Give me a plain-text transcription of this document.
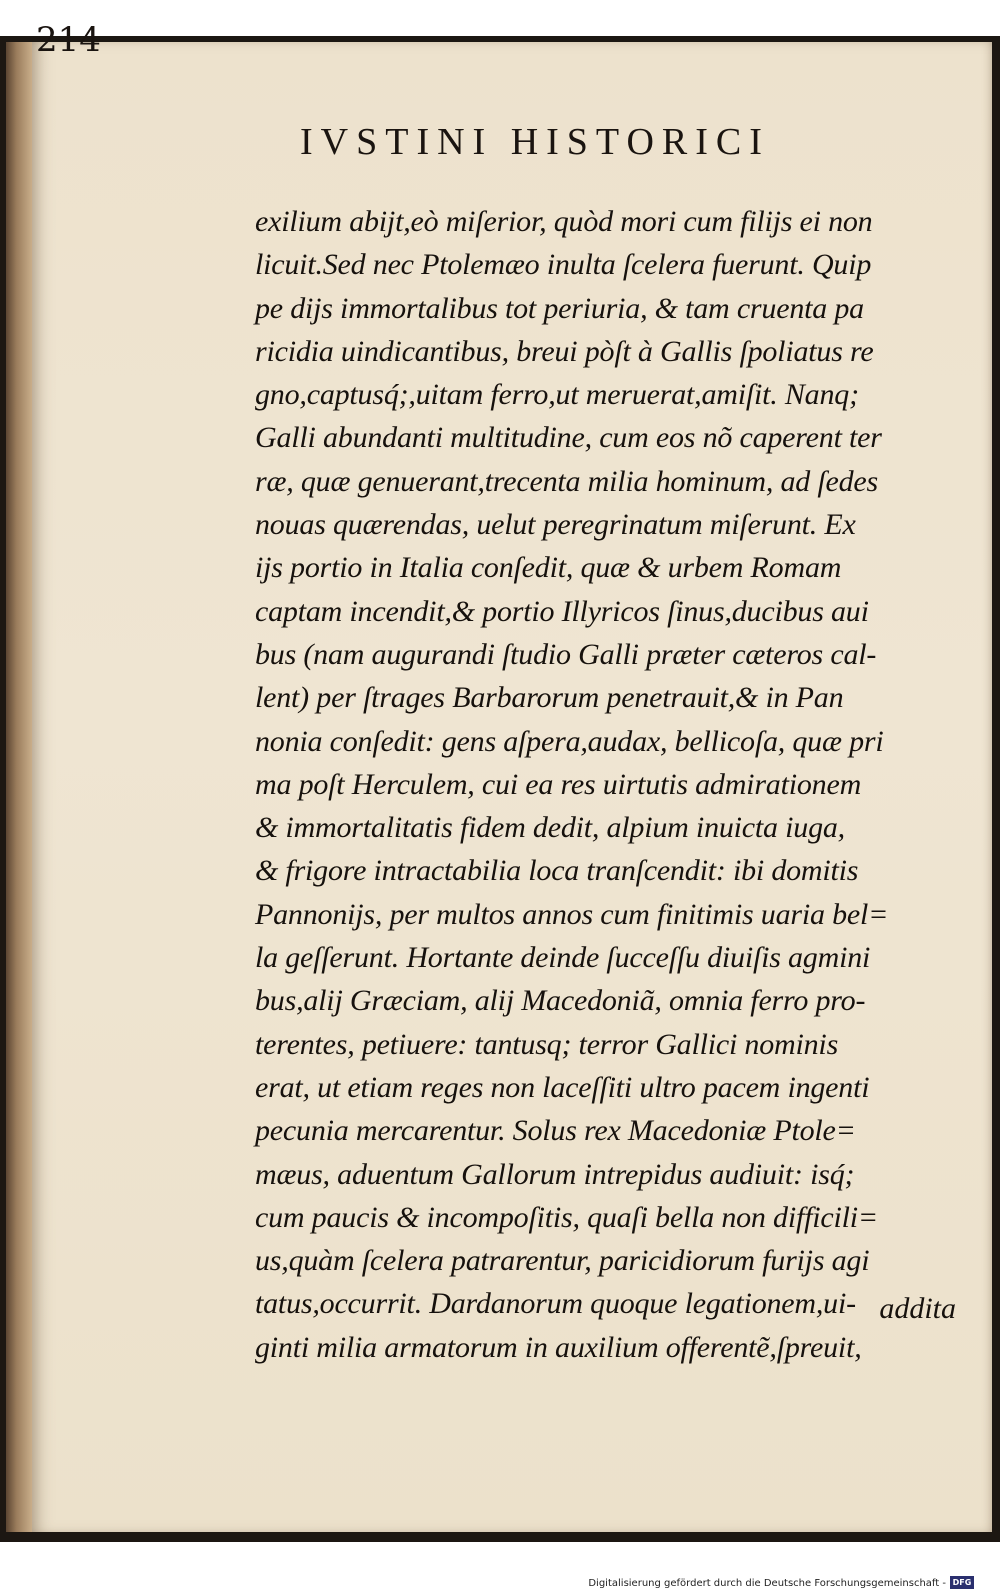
214
IVSTINI HISTORICI
exilium abijt,eò miſerior, quòd mori cum filijs ei non
licuit.Sed nec Ptolemæo inulta ſcelera fuerunt. Quip
pe dijs immortalibus tot periuria, & tam cruenta pa
ricidia uindicantibus, breui pòſt à Gallis ſpoliatus re
gno,captusq́;,uitam ferro,ut meruerat,amiſit. Nanq;
Galli abundanti multitudine, cum eos nõ caperent ter
ræ, quæ genuerant,trecenta milia hominum, ad ſedes
nouas quærendas, uelut peregrinatum miſerunt. Ex
ijs portio in Italia conſedit, quæ & urbem Romam
captam incendit,& portio Illyricos ſinus,ducibus aui
bus (nam augurandi ſtudio Galli præter cæteros cal-
lent) per ſtrages Barbarorum penetrauit,& in Pan
nonia conſedit: gens aſpera,audax, bellicoſa, quæ pri
ma poſt Herculem, cui ea res uirtutis admirationem
& immortalitatis fidem dedit, alpium inuicta iuga,
& frigore intractabilia loca tranſcendit: ibi domitis
Pannonijs, per multos annos cum finitimis uaria bel=
la geſſerunt. Hortante deinde ſucceſſu diuiſis agmini
bus,alij Græciam, alij Macedoniã, omnia ferro pro-
terentes, petiuere: tantusq; terror Gallici nominis
erat, ut etiam reges non laceſſiti ultro pacem ingenti
pecunia mercarentur. Solus rex Macedoniæ Ptole=
mæus, aduentum Gallorum intrepidus audiuit: isq́;
cum paucis & incompoſitis, quaſi bella non difficili=
us,quàm ſcelera patrarentur, paricidiorum furijs agi
tatus,occurrit. Dardanorum quoque legationem,ui-
ginti milia armatorum in auxilium offerentẽ,ſpreuit,
addita
Digitalisierung gefördert durch die Deutsche Forschungsgemeinschaft - DFG
